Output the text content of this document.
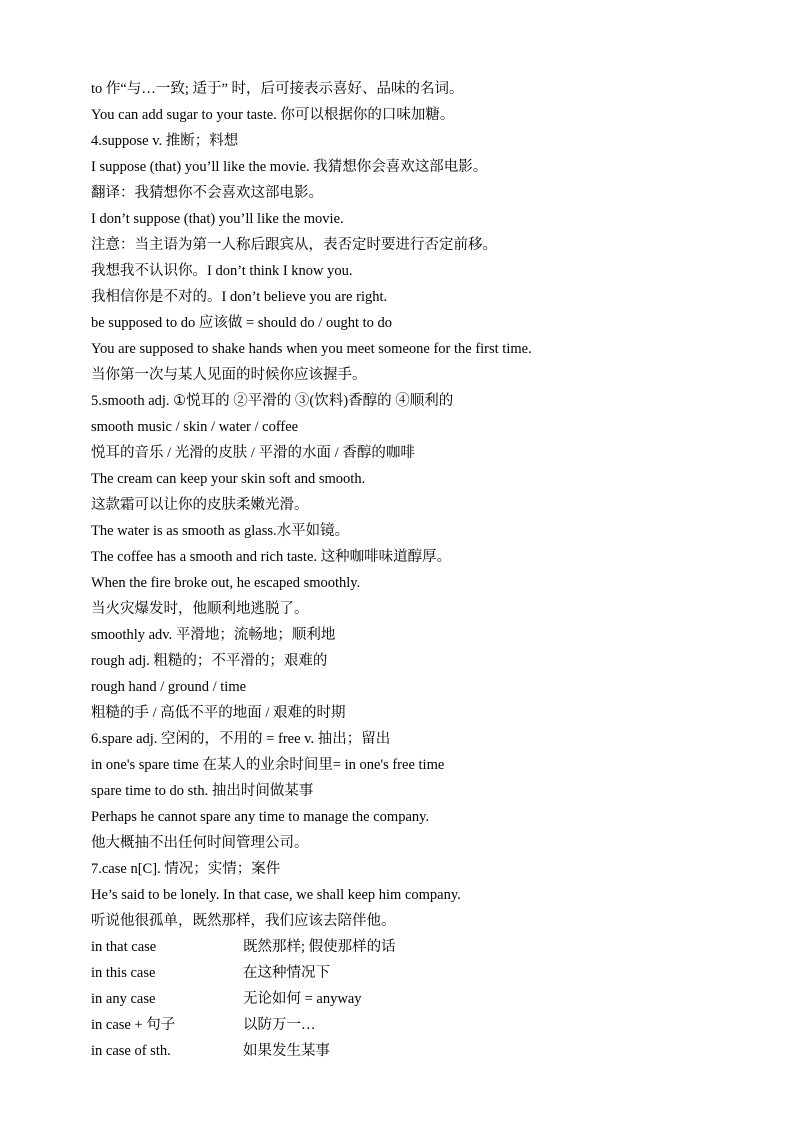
to 作“与…一致; 适于” 时，后可接表示喜好、品味的名词。
You can add sugar to your taste. 你可以根据你的口味加糖。
4.suppose v. 推断；料想
I suppose (that) you’ll like the movie. 我猜想你会喜欢这部电影。
翻译：我猜想你不会喜欢这部电影。
I don’t suppose (that) you’ll like the movie.
注意：当主语为第一人称后跟宾从，表否定时要进行否定前移。
我想我不认识你。I don’t think I know you.
我相信你是不对的。I don’t believe you are right.
be supposed to do 应该做 = should do / ought to do
You are supposed to shake hands when you meet someone for the first time.
当你第一次与某人见面的时候你应该握手。
5.smooth adj. ①悦耳的 ②平滑的 ③(饮料)香醇的 ④顺利的
smooth music / skin / water / coffee
悦耳的音乐 / 光滑的皮肤 / 平滑的水面 / 香醇的咖啡
The cream can keep your skin soft and smooth.
这款霜可以让你的皮肤柔嫩光滑。
The water is as smooth as glass.水平如镜。
The coffee has a smooth and rich taste. 这种咖啡味道醇厚。
When the fire broke out, he escaped smoothly.
当火灾爆发时，他顺利地逃脱了。
smoothly adv. 平滑地；流畅地；顺利地
rough adj. 粗糙的；不平滑的；艰难的
rough hand / ground / time
粗糙的手 / 高低不平的地面 / 艰难的时期
6.spare adj. 空闲的，不用的 = free v. 抽出；留出
in one's spare time 在某人的业余时间里= in one's free time
spare time to do sth. 抽出时间做某事
Perhaps he cannot spare any time to manage the company.
他大概抽不出任何时间管理公司。
7.case n[C]. 情况；实情；案件
He’s said to be lonely. In that case, we shall keep him company.
听说他很孤单，既然那样，我们应该去陪伴他。
in that case	既然那样; 假使那样的话
in this case	在这种情况下
in any case	无论如何 = anyway
in case + 句子	以防万一…
in case of sth.	如果发生某事
